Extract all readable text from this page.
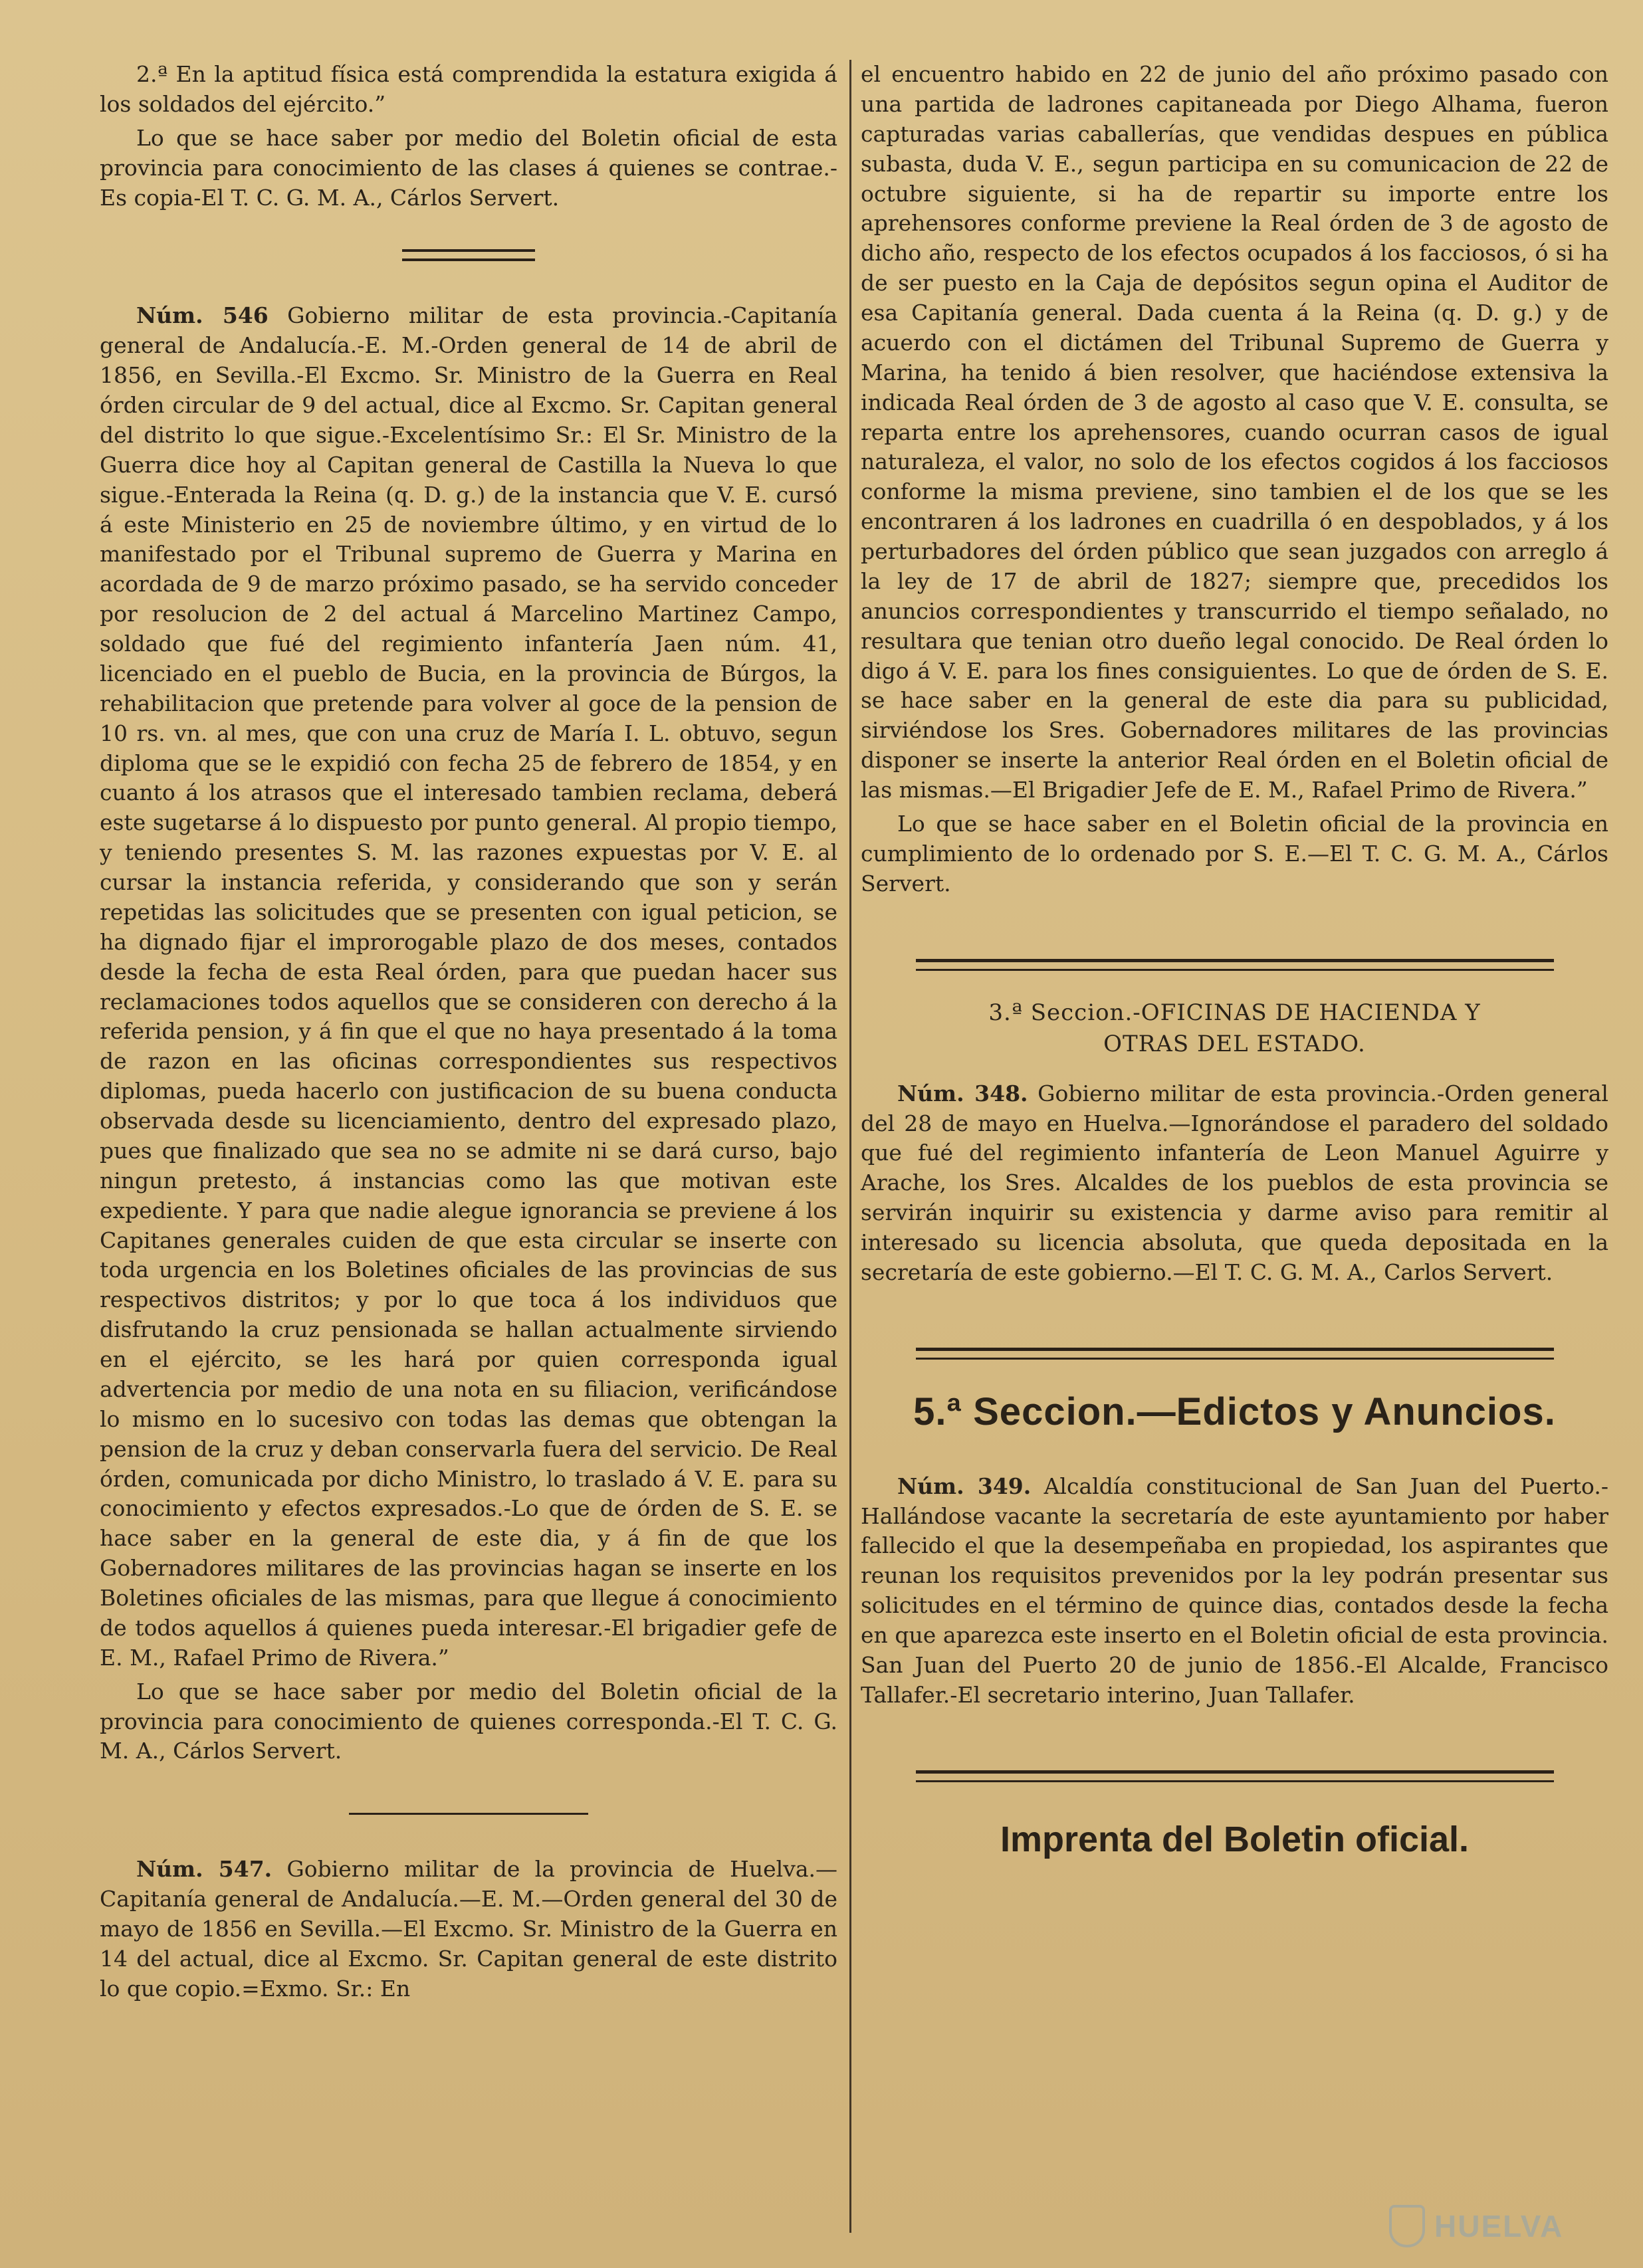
2.ª En la aptitud física está comprendida la estatura exigida á los soldados del ejército.”

Lo que se hace saber por medio del Boletin oficial de esta provincia para conocimiento de las clases á quienes se contrae.-Es copia-El T. C. G. M. A., Cárlos Servert.

Núm. 546 Gobierno militar de esta provincia.-Capitanía general de Andalucía.-E. M.-Orden general de 14 de abril de 1856, en Sevilla.-El Excmo. Sr. Ministro de la Guerra en Real órden circular de 9 del actual, dice al Excmo. Sr. Capitan general del distrito lo que sigue.-Excelentísimo Sr.: El Sr. Ministro de la Guerra dice hoy al Capitan general de Castilla la Nueva lo que sigue.-Enterada la Reina (q. D. g.) de la instancia que V. E. cursó á este Ministerio en 25 de noviembre último, y en virtud de lo manifestado por el Tribunal supremo de Guerra y Marina en acordada de 9 de marzo próximo pasado, se ha servido conceder por resolucion de 2 del actual á Marcelino Martinez Campo, soldado que fué del regimiento infantería Jaen núm. 41, licenciado en el pueblo de Bucia, en la provincia de Búrgos, la rehabilitacion que pretende para volver al goce de la pension de 10 rs. vn. al mes, que con una cruz de María I. L. obtuvo, segun diploma que se le expidió con fecha 25 de febrero de 1854, y en cuanto á los atrasos que el interesado tambien reclama, deberá este sugetarse á lo dispuesto por punto general. Al propio tiempo, y teniendo presentes S. M. las razones expuestas por V. E. al cursar la instancia referida, y considerando que son y serán repetidas las solicitudes que se presenten con igual peticion, se ha dignado fijar el improrogable plazo de dos meses, contados desde la fecha de esta Real órden, para que puedan hacer sus reclamaciones todos aquellos que se consideren con derecho á la referida pension, y á fin que el que no haya presentado á la toma de razon en las oficinas correspondientes sus respectivos diplomas, pueda hacerlo con justificacion de su buena conducta observada desde su licenciamiento, dentro del expresado plazo, pues que finalizado que sea no se admite ni se dará curso, bajo ningun pretesto, á instancias como las que motivan este expediente. Y para que nadie alegue ignorancia se previene á los Capitanes generales cuiden de que esta circular se inserte con toda urgencia en los Boletines oficiales de las provincias de sus respectivos distritos; y por lo que toca á los individuos que disfrutando la cruz pensionada se hallan actualmente sirviendo en el ejército, se les hará por quien corresponda igual advertencia por medio de una nota en su filiacion, verificándose lo mismo en lo sucesivo con todas las demas que obtengan la pension de la cruz y deban conservarla fuera del servicio. De Real órden, comunicada por dicho Ministro, lo traslado á V. E. para su conocimiento y efectos expresados.-Lo que de órden de S. E. se hace saber en la general de este dia, y á fin de que los Gobernadores militares de las provincias hagan se inserte en los Boletines oficiales de las mismas, para que llegue á conocimiento de todos aquellos á quienes pueda interesar.-El brigadier gefe de E. M., Rafael Primo de Rivera.”

Lo que se hace saber por medio del Boletin oficial de la provincia para conocimiento de quienes corresponda.-El T. C. G. M. A., Cárlos Servert.

Núm. 547. Gobierno militar de la provincia de Huelva.—Capitanía general de Andalucía.—E. M.—Orden general del 30 de mayo de 1856 en Sevilla.—El Excmo. Sr. Ministro de la Guerra en 14 del actual, dice al Excmo. Sr. Capitan general de este distrito lo que copio.=Exmo. Sr.: En

el encuentro habido en 22 de junio del año próximo pasado con una partida de ladrones capitaneada por Diego Alhama, fueron capturadas varias caballerías, que vendidas despues en pública subasta, duda V. E., segun participa en su comunicacion de 22 de octubre siguiente, si ha de repartir su importe entre los aprehensores conforme previene la Real órden de 3 de agosto de dicho año, respecto de los efectos ocupados á los facciosos, ó si ha de ser puesto en la Caja de depósitos segun opina el Auditor de esa Capitanía general. Dada cuenta á la Reina (q. D. g.) y de acuerdo con el dictámen del Tribunal Supremo de Guerra y Marina, ha tenido á bien resolver, que haciéndose extensiva la indicada Real órden de 3 de agosto al caso que V. E. consulta, se reparta entre los aprehensores, cuando ocurran casos de igual naturaleza, el valor, no solo de los efectos cogidos á los facciosos conforme la misma previene, sino tambien el de los que se les encontraren á los ladrones en cuadrilla ó en despoblados, y á los perturbadores del órden público que sean juzgados con arreglo á la ley de 17 de abril de 1827; siempre que, precedidos los anuncios correspondientes y transcurrido el tiempo señalado, no resultara que tenian otro dueño legal conocido. De Real órden lo digo á V. E. para los fines consiguientes. Lo que de órden de S. E. se hace saber en la general de este dia para su publicidad, sirviéndose los Sres. Gobernadores militares de las provincias disponer se inserte la anterior Real órden en el Boletin oficial de las mismas.—El Brigadier Jefe de E. M., Rafael Primo de Rivera.”

Lo que se hace saber en el Boletin oficial de la provincia en cumplimiento de lo ordenado por S. E.—El T. C. G. M. A., Cárlos Servert.

3.ª Seccion.-OFICINAS DE HACIENDA Y
OTRAS DEL ESTADO.

Núm. 348. Gobierno militar de esta provincia.-Orden general del 28 de mayo en Huelva.—Ignorándose el paradero del soldado que fué del regimiento infantería de Leon Manuel Aguirre y Arache, los Sres. Alcaldes de los pueblos de esta provincia se servirán inquirir su existencia y darme aviso para remitir al interesado su licencia absoluta, que queda depositada en la secretaría de este gobierno.—El T. C. G. M. A., Carlos Servert.

5.ª Seccion.—Edictos y Anuncios.

Núm. 349. Alcaldía constitucional de San Juan del Puerto.-Hallándose vacante la secretaría de este ayuntamiento por haber fallecido el que la desempeñaba en propiedad, los aspirantes que reunan los requisitos prevenidos por la ley podrán presentar sus solicitudes en el término de quince dias, contados desde la fecha en que aparezca este inserto en el Boletin oficial de esta provincia. San Juan del Puerto 20 de junio de 1856.-El Alcalde, Francisco Tallafer.-El secretario interino, Juan Tallafer.

Imprenta del Boletin oficial.
HUELVA
